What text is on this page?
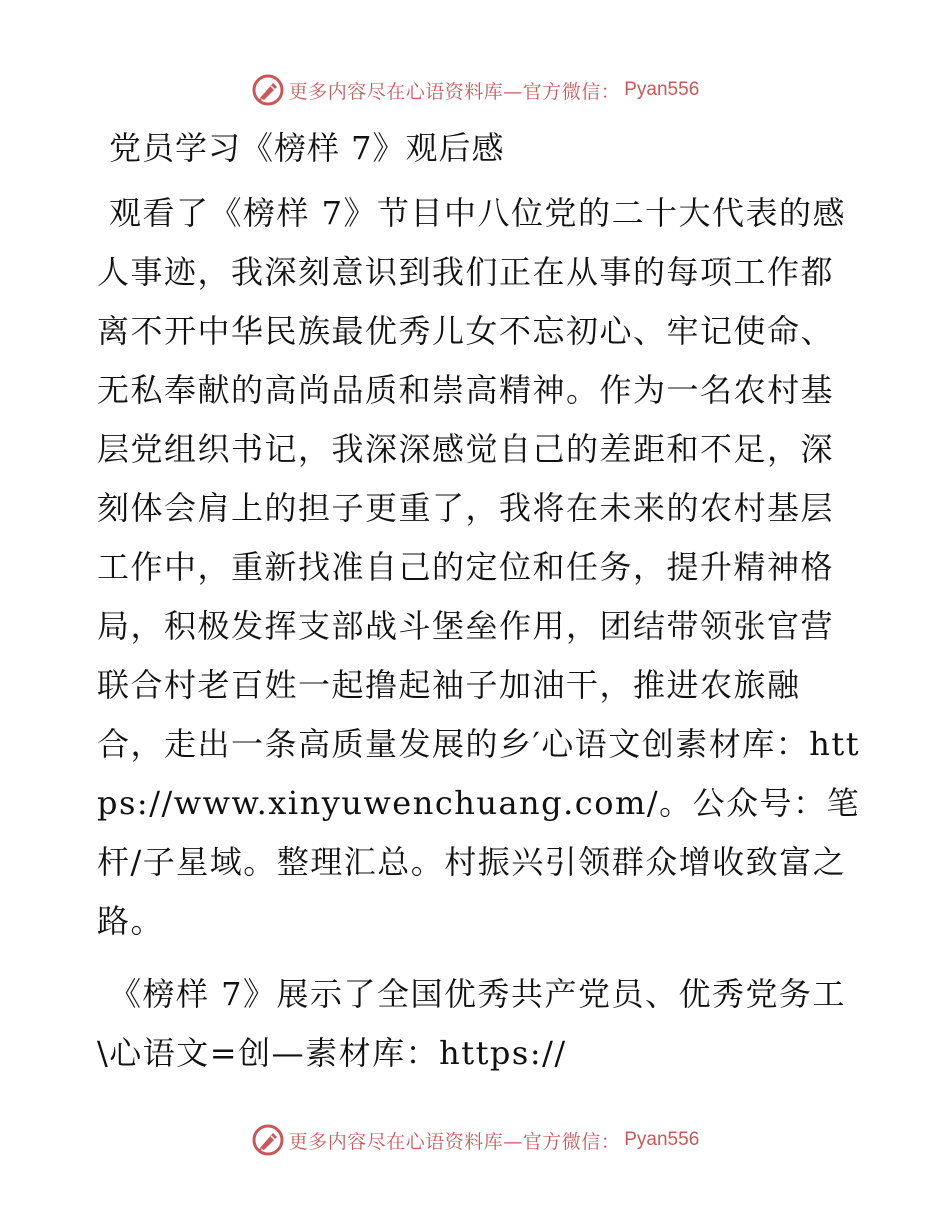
更多内容尽在心语资料库—官方微信： Pyan556
党员学习《榜样 7》观后感

观看了《榜样 7》节目中八位党的二十大代表的感人事迹，我深刻意识到我们正在从事的每项工作都离不开中华民族最优秀儿女不忘初心、牢记使命、无私奉献的高尚品质和崇高精神。作为一名农村基层党组织书记，我深深感觉自己的差距和不足，深刻体会肩上的担子更重了，我将在未来的农村基层工作中，重新找准自己的定位和任务，提升精神格局，积极发挥支部战斗堡垒作用，团结带领张官营联合村老百姓一起撸起袖子加油干，推进农旅融合，走出一条高质量发展的乡′心语文创素材库：https://www.xinyuwenchuang.com/。公众号：笔杆/子星域。整理汇总。村振兴引领群众增收致富之路。

《榜样 7》展示了全国优秀共产党员、优秀党务工\心语文=创—素材库：https://

更多内容尽在心语资料库—官方微信： Pyan556
